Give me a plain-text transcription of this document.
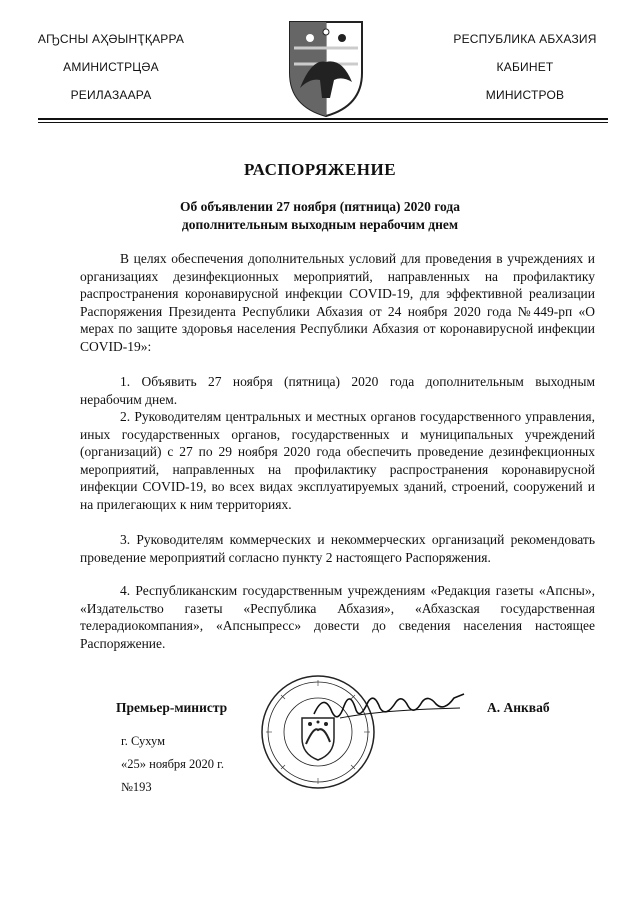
АҦСНЫ АҲӘЫНҬҚАРРА
АМИНИСТРЦӘА
РЕИЛАЗААРА
РЕСПУБЛИКА АБХАЗИЯ
КАБИНЕТ
МИНИСТРОВ
РАСПОРЯЖЕНИЕ
Об объявлении 27 ноября (пятница) 2020 года
дополнительным выходным нерабочим днем
В целях обеспечения дополнительных условий для проведения в учреждениях и организациях дезинфекционных мероприятий, направленных на профилактику распространения коронавирусной инфекции COVID-19, для эффективной реализации Распоряжения Президента Республики Абхазия от 24 ноября 2020 года №449-рп «О мерах по защите здоровья населения Республики Абхазия от коронавирусной инфекции COVID-19»:
1. Объявить 27 ноября (пятница) 2020 года дополнительным выходным нерабочим днем.
2. Руководителям центральных и местных органов государственного управления, иных государственных органов, государственных и муниципальных учреждений (организаций) с 27 по 29 ноября 2020 года обеспечить проведение дезинфекционных мероприятий, направленных на профилактику распространения коронавирусной инфекции COVID-19, во всех видах эксплуатируемых зданий, строений, сооружений и на прилегающих к ним территориях.
3. Руководителям коммерческих и некоммерческих организаций рекомендовать проведение мероприятий согласно пункту 2 настоящего Распоряжения.
4. Республиканским государственным учреждениям «Редакция газеты «Апсны», «Издательство газеты «Республика Абхазия», «Абхазская государственная телерадиокомпания», «Апсныпресс» довести до сведения населения настоящее Распоряжение.
Премьер-министр	А. Анкваб
г. Сухум
«25» ноября 2020 г.
№193
